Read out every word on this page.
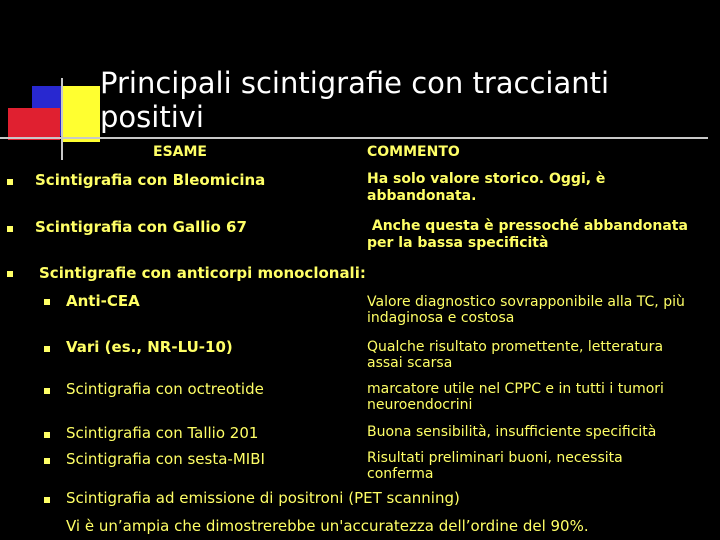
Principali scintigrafie con traccianti positivi
ESAME	COMMENTO
Scintigrafia con Bleomicina	Ha solo valore storico. Oggi, è abbandonata.
Scintigrafia con Gallio 67	Anche questa è pressoché abbandonata per la bassa specificità
Scintigrafie con anticorpi monoclonali:
Anti-CEA	Valore diagnostico sovrapponibile alla TC, più indaginosa e costosa
Vari (es., NR-LU-10)	Qualche risultato promettente, letteratura assai scarsa
Scintigrafia con octreotide	marcatore utile nel CPPC e in tutti i tumori neuroendocrini
Scintigrafia con Tallio 201	Buona sensibilità, insufficiente specificità
Scintigrafia con sesta-MIBI	Risultati preliminari buoni, necessita conferma
Scintigrafia ad emissione di positroni (PET scanning)
Vi è un’ampia che dimostrerebbe un'accuratezza dell’ordine del 90%.
